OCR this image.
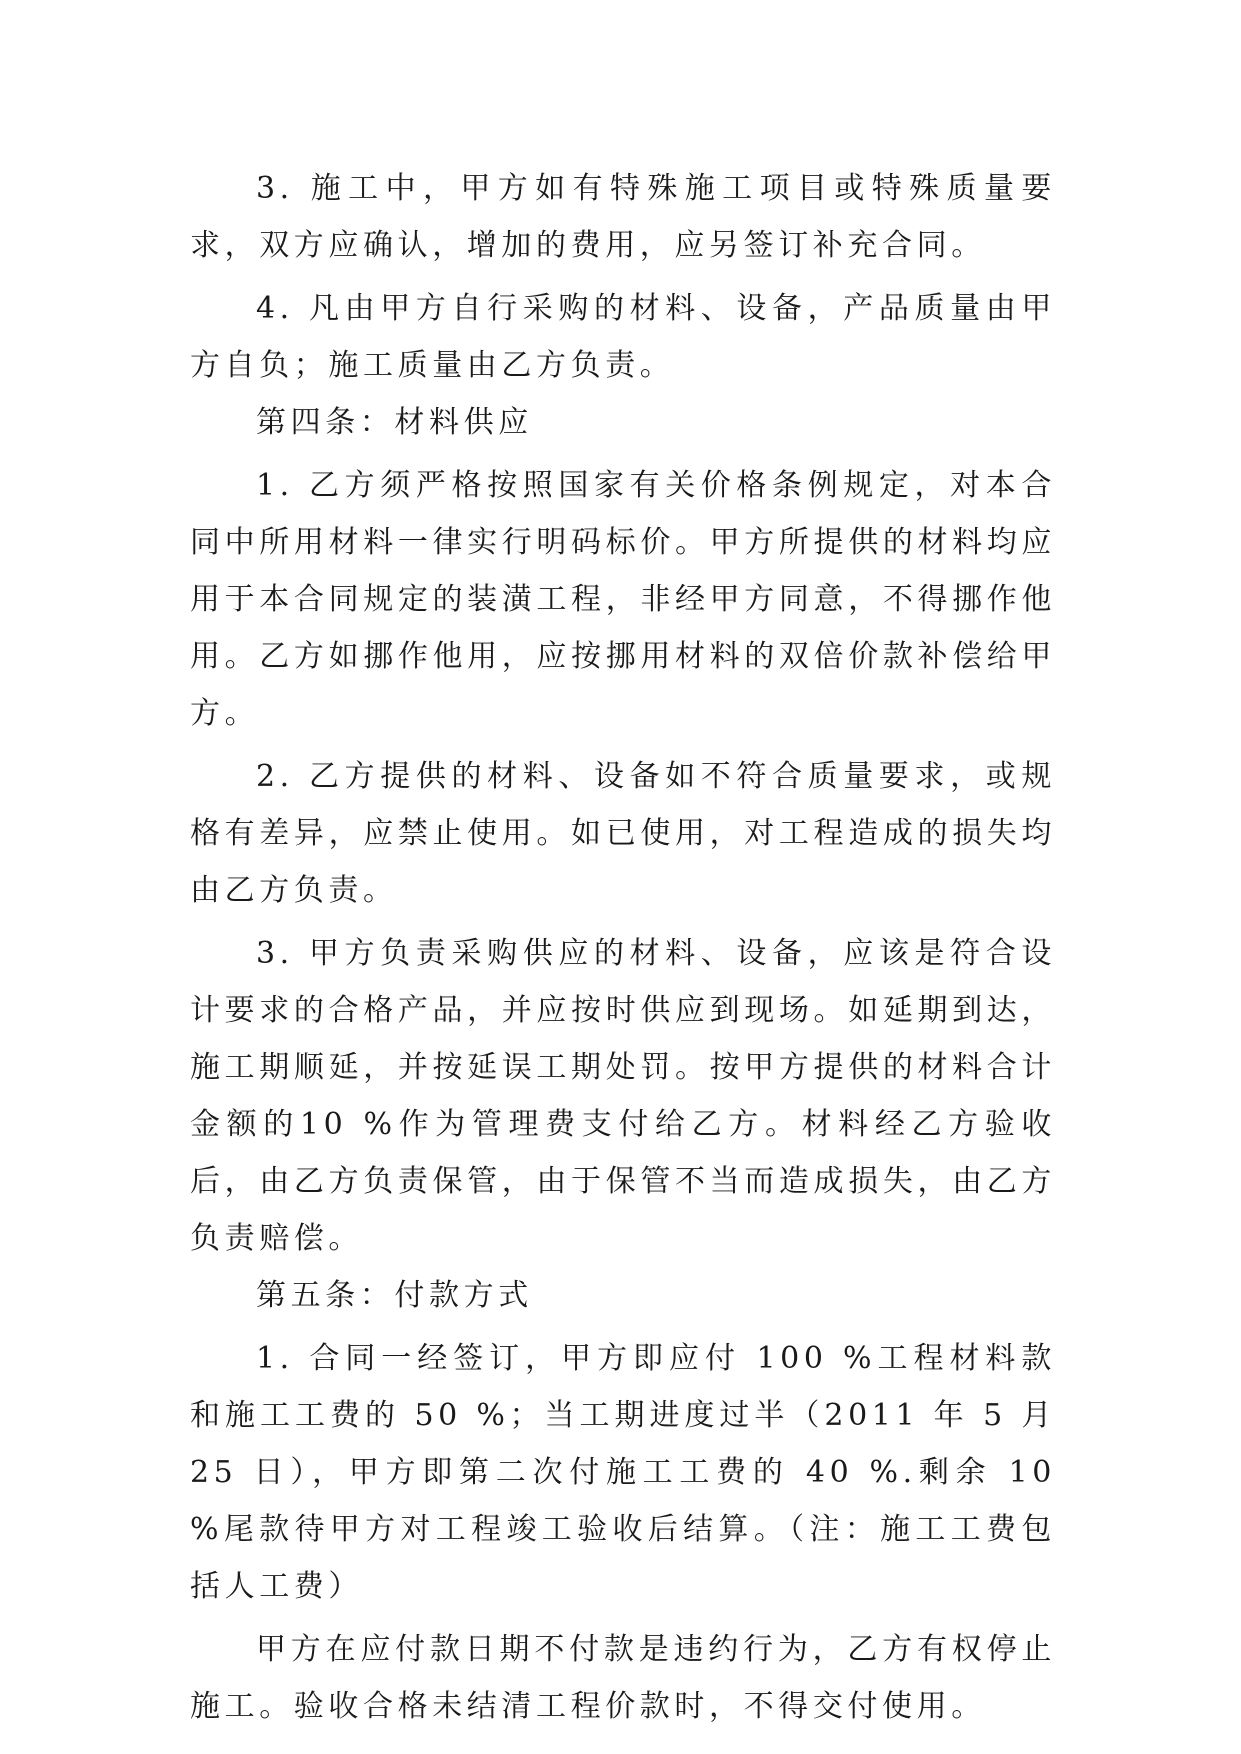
3. 施工中，甲方如有特殊施工项目或特殊质量要求，双方应确认，增加的费用，应另签订补充合同。

4. 凡由甲方自行采购的材料、设备，产品质量由甲方自负；施工质量由乙方负责。

第四条：材料供应

1. 乙方须严格按照国家有关价格条例规定，对本合同中所用材料一律实行明码标价。甲方所提供的材料均应用于本合同规定的装潢工程，非经甲方同意，不得挪作他用。乙方如挪作他用，应按挪用材料的双倍价款补偿给甲方。

2. 乙方提供的材料、设备如不符合质量要求，或规格有差异，应禁止使用。如已使用，对工程造成的损失均由乙方负责。

3. 甲方负责采购供应的材料、设备，应该是符合设计要求的合格产品，并应按时供应到现场。如延期到达，施工期顺延，并按延误工期处罚。按甲方提供的材料合计金额的10 %作为管理费支付给乙方。材料经乙方验收后，由乙方负责保管，由于保管不当而造成损失，由乙方负责赔偿。

第五条：付款方式

1. 合同一经签订，甲方即应付 100 %工程材料款和施工工费的 50 %；当工期进度过半（2011 年 5 月 25 日），甲方即第二次付施工工费的 40 %.剩余 10 %尾款待甲方对工程竣工验收后结算。（注：施工工费包括人工费）

甲方在应付款日期不付款是违约行为，乙方有权停止施工。验收合格未结清工程价款时，不得交付使用。
